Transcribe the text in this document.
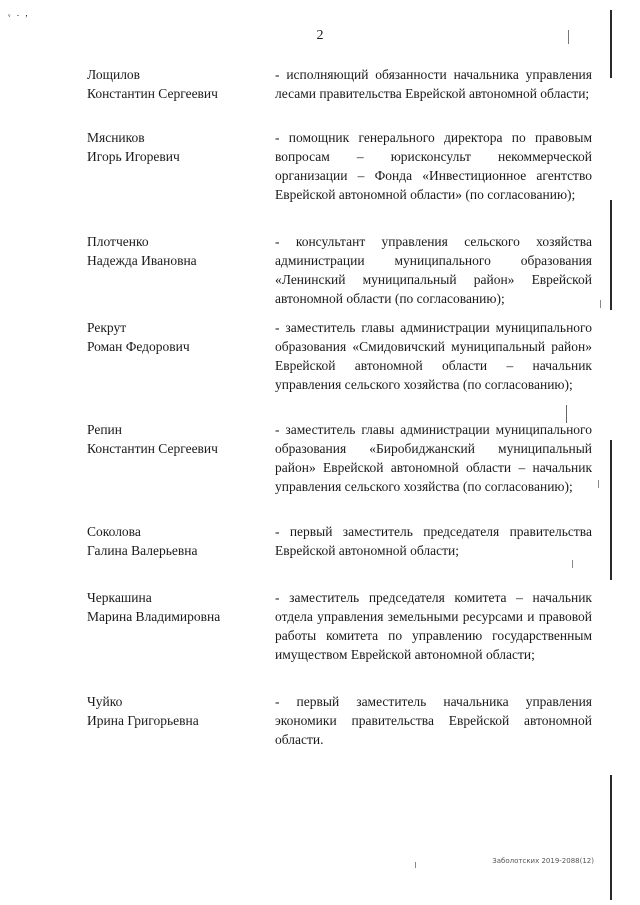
ᵥ . ,
2
Лощилов
Константин Сергеевич
- исполняющий обязанности начальника управления лесами правительства Еврейской автономной области;
Мясников
Игорь Игоревич
- помощник генерального директора по правовым вопросам – юрисконсульт некоммерческой организации – Фонда «Инвестиционное агентство Еврейской автономной области» (по согласованию);
Плотченко
Надежда Ивановна
- консультант управления сельского хозяйства администрации муниципального образования «Ленинский муниципальный район» Еврейской автономной области (по согласованию);
Рекрут
Роман Федорович
- заместитель главы администрации муниципального образования «Смидовичский муниципальный район» Еврейской автономной области – начальник управления сельского хозяйства (по согласованию);
Репин
Константин Сергеевич
- заместитель главы администрации муниципального образования «Биробиджанский муниципальный район» Еврейской автономной области – начальник управления сельского хозяйства (по согласованию);
Соколова
Галина Валерьевна
- первый заместитель председателя правительства Еврейской автономной области;
Черкашина
Марина Владимировна
- заместитель председателя комитета – начальник отдела управления земельными ресурсами и правовой работы комитета по управлению государственным имуществом Еврейской автономной области;
Чуйко
Ирина Григорьевна
- первый заместитель начальника управления экономики правительства Еврейской автономной области.
Заболотских 2019-2088(12)
